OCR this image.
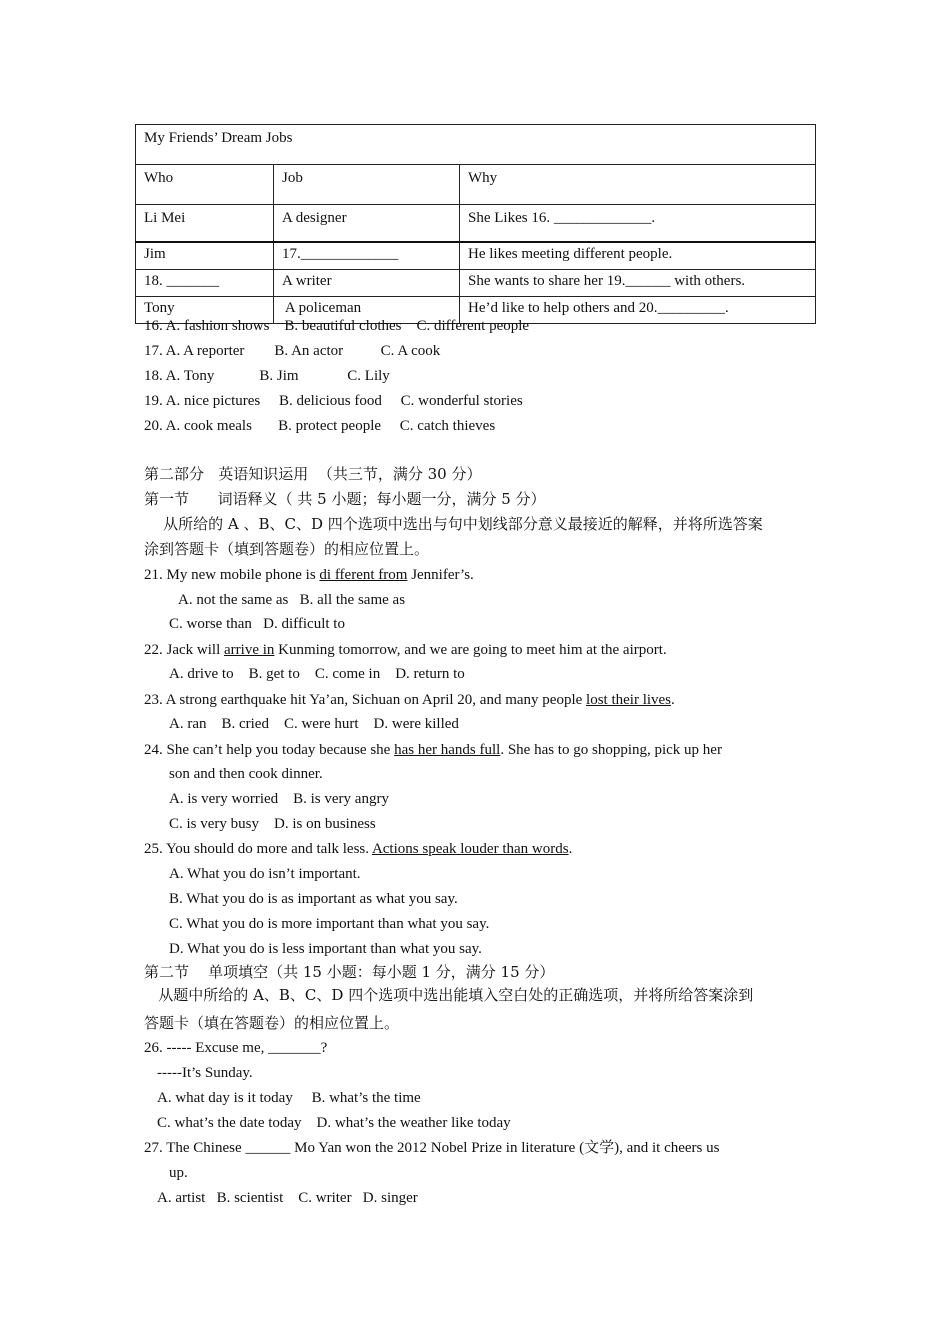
My Friends’ Dream Jobs		
Who	Job	Why
Li Mei	A designer	She Likes 16. _____________.
Jim	17._____________	He likes meeting different people.
18. _______	A writer	She wants to share her 19.______ with others.
Tony	A policeman	He’d like to help others and 20._________.
16. A. fashion shows    B. beautiful clothes    C. different people
17. A. A reporter        B. An actor          C. A cook
18. A. Tony            B. Jim             C. Lily
19. A. nice pictures     B. delicious food     C. wonderful stories
20. A. cook meals       B. protect people     C. catch thieves
第二部分   英语知识运用  （共三节，满分 30 分）
第一节      词语释义（ 共 5 小题；每小题一分，满分 5 分）
从所给的 A 、B、C、D 四个选项中选出与句中划线部分意义最接近的解释，并将所选答案
涂到答题卡（填到答题卷）的相应位置上。
21. My new mobile phone is di fferent from Jennifer’s.
A. not the same as   B. all the same as
C. worse than   D. difficult to
22. Jack will arrive in Kunming tomorrow, and we are going to meet him at the airport.
A. drive to    B. get to    C. come in    D. return to
23. A strong earthquake hit Ya’an, Sichuan on April 20, and many people lost their lives.
A. ran    B. cried    C. were hurt    D. were killed
24. She can’t help you today because she has her hands full. She has to go shopping, pick up her
son and then cook dinner.
A. is very worried    B. is very angry
C. is very busy    D. is on business
25. You should do more and talk less. Actions speak louder than words.
A. What you do isn’t important.
B. What you do is as important as what you say.
C. What you do is more important than what you say.
D. What you do is less important than what you say.
第二节    单项填空（共 15 小题：每小题 1 分，满分 15 分）
从题中所给的 A、B、C、D 四个选项中选出能填入空白处的正确选项，并将所给答案涂到
答题卡（填在答题卷）的相应位置上。
26. ----- Excuse me, _______?
-----It’s Sunday.
A. what day is it today     B. what’s the time
C. what’s the date today    D. what’s the weather like today
27. The Chinese ______ Mo Yan won the 2012 Nobel Prize in literature (文学), and it cheers us
up.
A. artist   B. scientist    C. writer   D. singer
